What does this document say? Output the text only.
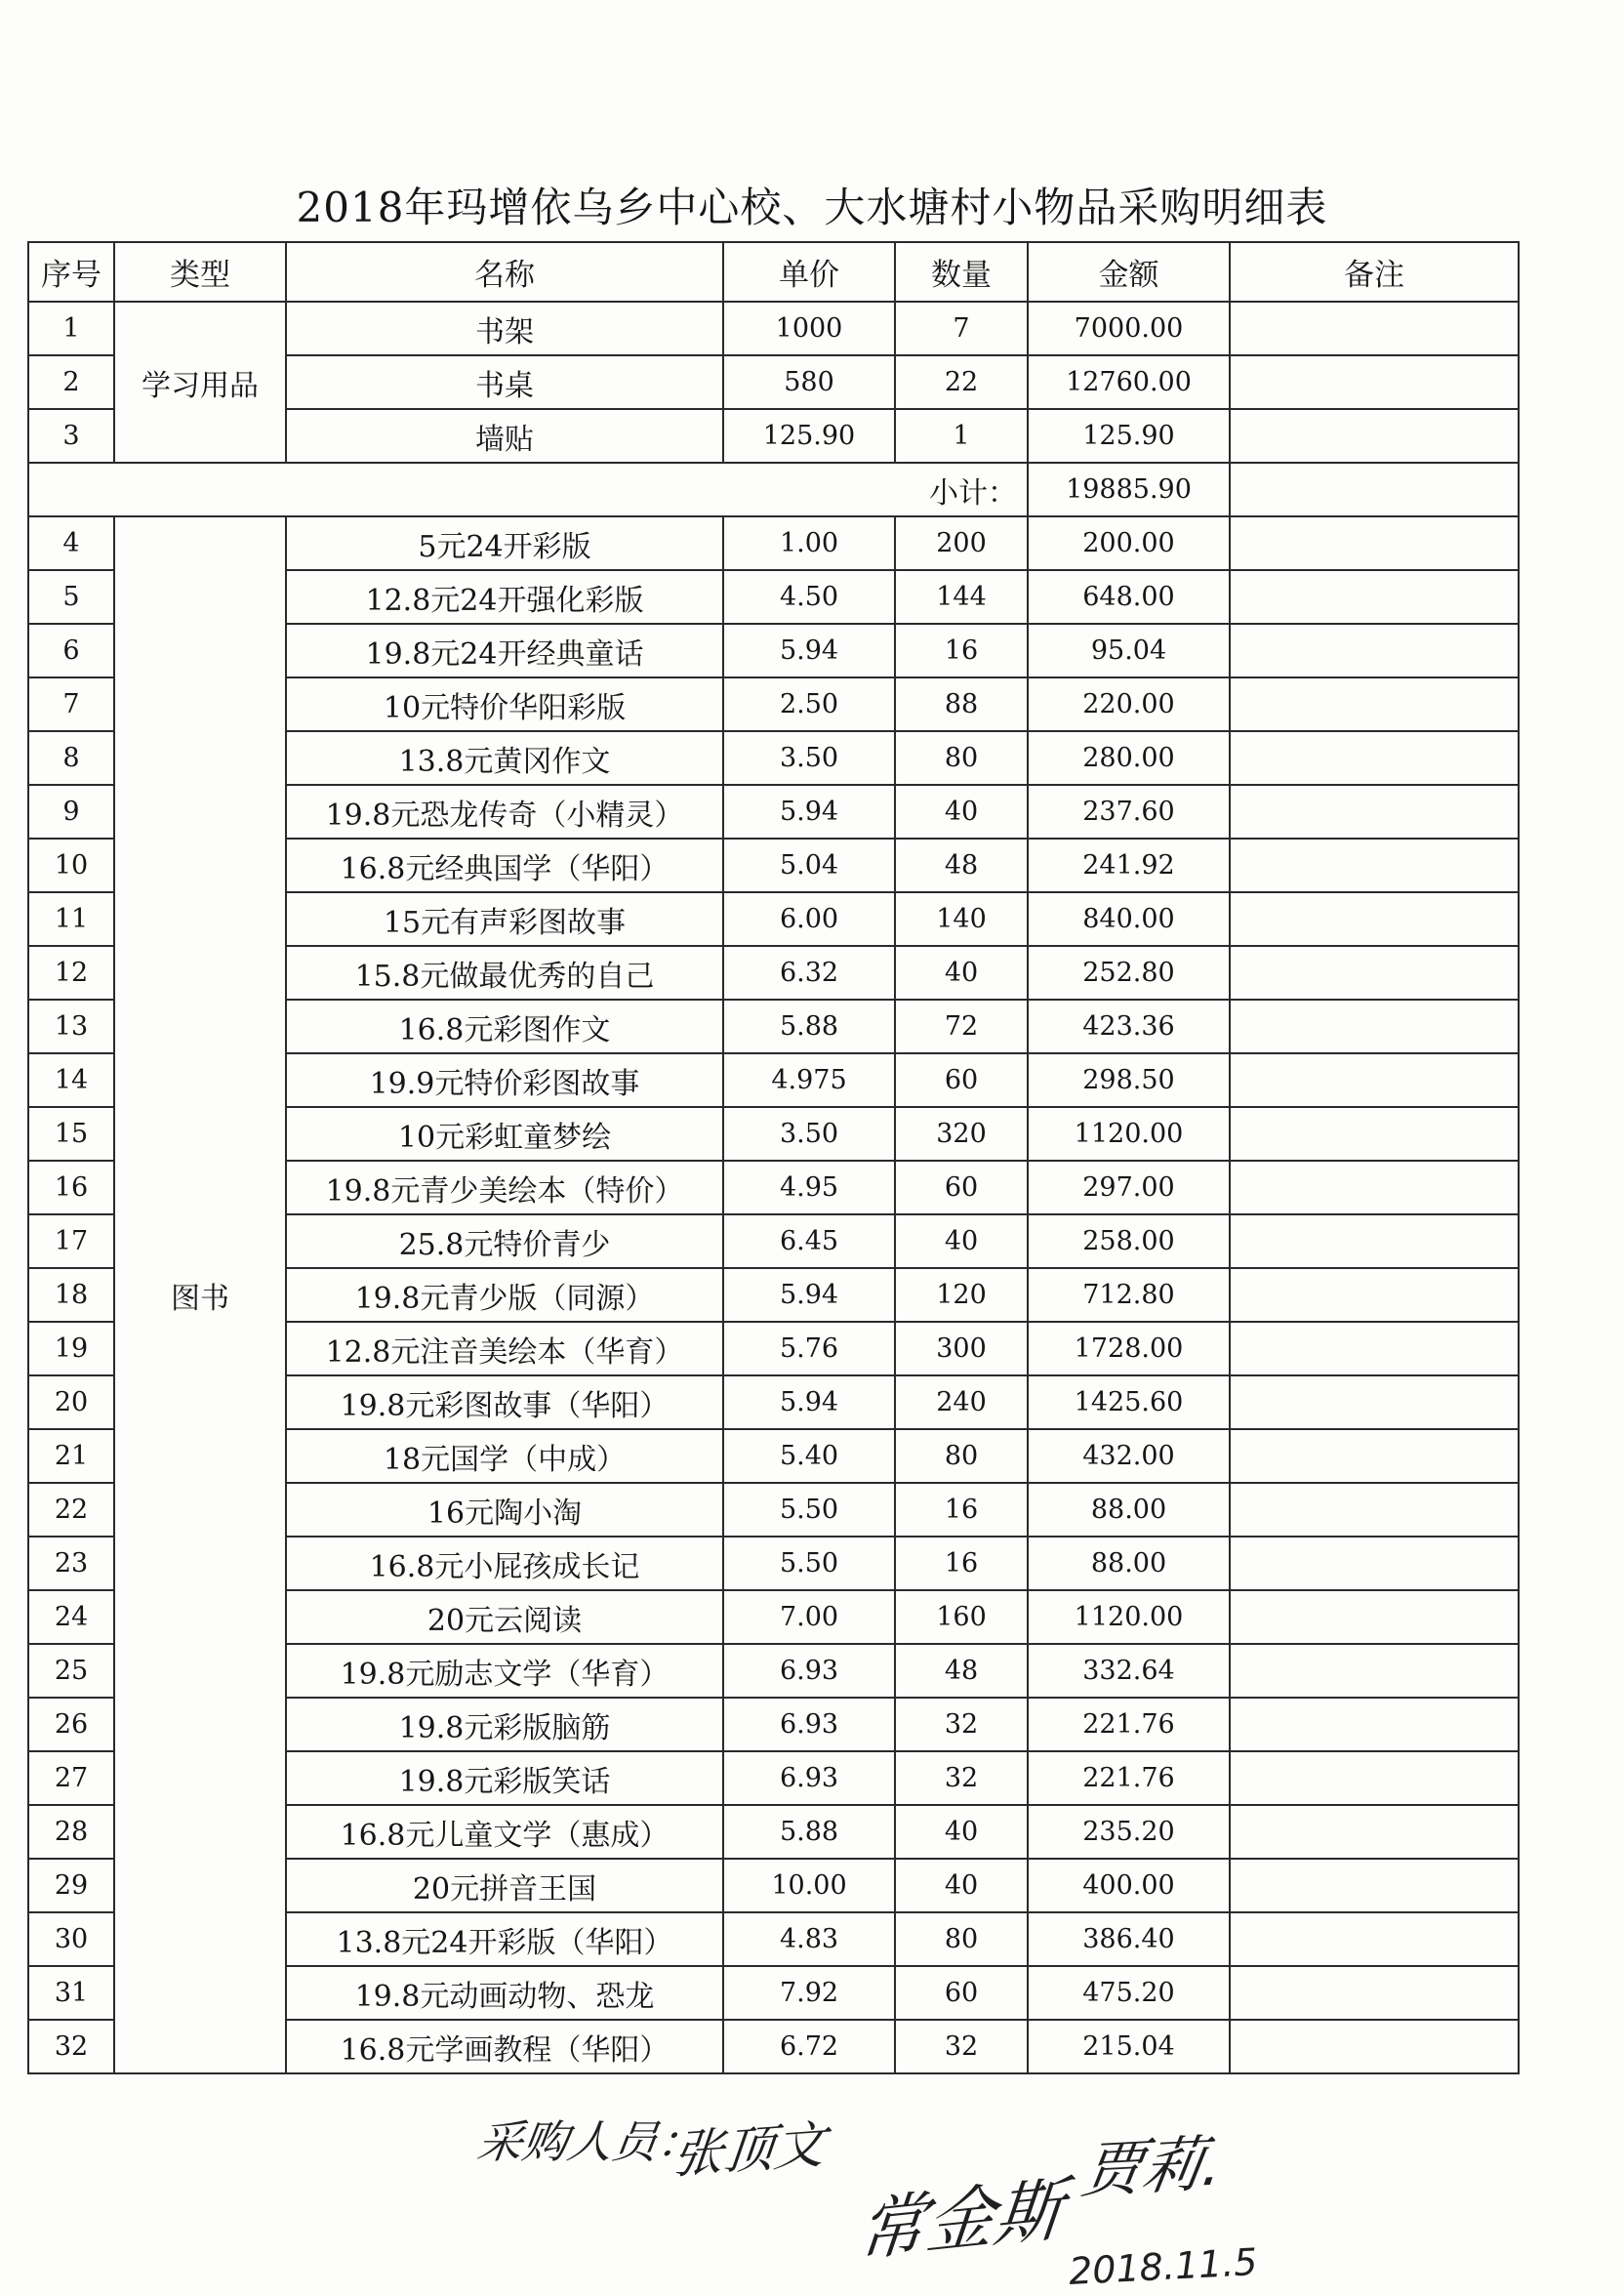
2018年玛增依乌乡中心校、大水塘村小物品采购明细表
序号	类型	名称	单价	数量	金额	备注
1	学习用品	书架	1000	7	7000.00	
2		书桌	580	22	12760.00	
3		墙贴	125.90	1	125.90	
小计：					19885.90	
4	图书	5元24开彩版	1.00	200	200.00	
5		12.8元24开强化彩版	4.50	144	648.00	
6		19.8元24开经典童话	5.94	16	95.04	
7		10元特价华阳彩版	2.50	88	220.00	
8		13.8元黄冈作文	3.50	80	280.00	
9		19.8元恐龙传奇（小精灵）	5.94	40	237.60	
10		16.8元经典国学（华阳）	5.04	48	241.92	
11		15元有声彩图故事	6.00	140	840.00	
12		15.8元做最优秀的自己	6.32	40	252.80	
13		16.8元彩图作文	5.88	72	423.36	
14		19.9元特价彩图故事	4.975	60	298.50	
15		10元彩虹童梦绘	3.50	320	1120.00	
16		19.8元青少美绘本（特价）	4.95	60	297.00	
17		25.8元特价青少	6.45	40	258.00	
18		19.8元青少版（同源）	5.94	120	712.80	
19		12.8元注音美绘本（华育）	5.76	300	1728.00	
20		19.8元彩图故事（华阳）	5.94	240	1425.60	
21		18元国学（中成）	5.40	80	432.00	
22		16元陶小淘	5.50	16	88.00	
23		16.8元小屁孩成长记	5.50	16	88.00	
24		20元云阅读	7.00	160	1120.00	
25		19.8元励志文学（华育）	6.93	48	332.64	
26		19.8元彩版脑筋	6.93	32	221.76	
27		19.8元彩版笑话	6.93	32	221.76	
28		16.8元儿童文学（惠成）	5.88	40	235.20	
29		20元拼音王国	10.00	40	400.00	
30		13.8元24开彩版（华阳）	4.83	80	386.40	
31		19.8元动画动物、恐龙	7.92	60	475.20	
32		16.8元学画教程（华阳）	6.72	32	215.04	
采购人员：
张顶文
常金斯
贾莉.
2018.11.5
